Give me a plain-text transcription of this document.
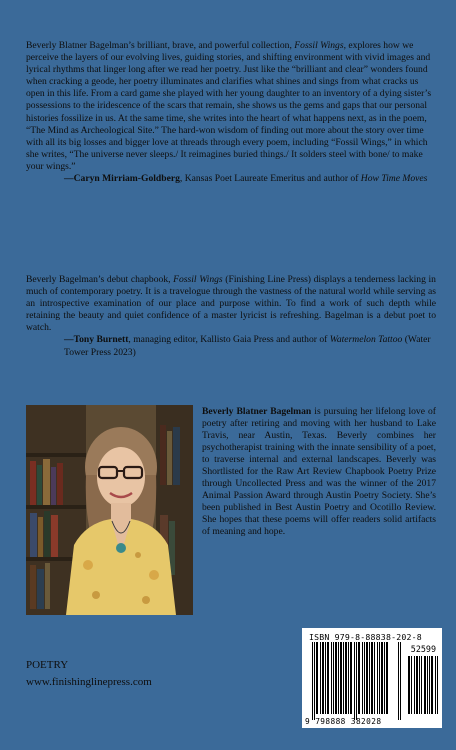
Beverly Blatner Bagelman’s brilliant, brave, and powerful collection, Fossil Wings, explores how we perceive the layers of our evolving lives, guiding stories, and shifting environment with vivid images and lyrical rhythms that linger long after we read her poetry. Just like the “brilliant and clear” wonders found when cracking a geode, her poetry illuminates and clarifies what shines and sings from what cracks us open in this life. From a card game she played with her young daughter to an inventory of a dying sister’s possessions to the iridescence of the scars that remain, she shows us the gems and gaps that our personal histories fossilize in us. At the same time, she writes into the heart of what happens next, as in the poem, “The Mind as Archeological Site.” The hard-won wisdom of finding out more about the story over time with all its big losses and bigger love at threads through every poem, including “Fossil Wings,” in which she writes, “The universe never sleeps./ It reimagines buried things./ It solders steel with bone/ to make your wings.”

—Caryn Mirriam-Goldberg, Kansas Poet Laureate Emeritus and author of How Time Moves

Beverly Bagelman’s debut chapbook, Fossil Wings (Finishing Line Press) displays a tenderness lacking in much of contemporary poetry. It is a travelogue through the vastness of the natural world while serving as an introspective examination of our place and purpose within. To find a work of such depth while retaining the beauty and quiet confidence of a master lyricist is refreshing. Bagelman is a debut poet to watch.

—Tony Burnett, managing editor, Kallisto Gaia Press and author of Watermelon Tattoo (Water Tower Press 2023)

Beverly Blatner Bagelman is pursuing her lifelong love of poetry after retiring and moving with her husband to Lake Travis, near Austin, Texas. Beverly combines her psychotherapist training with the innate sensibility of a poet, to traverse internal and external landscapes. Beverly was Shortlisted for the Raw Art Review Chapbook Poetry Prize through Uncollected Press and was the winner of the 2017 Animal Passion Award through Austin Poetry Society. She’s been published in Best Austin Poetry and Ocotillo Review. She hopes that these poems will offer readers solid artifacts of meaning and hope.
POETRY
www.finishinglinepress.com
ISBN 979-8-88838-202-8
52599
9 798888 382028
